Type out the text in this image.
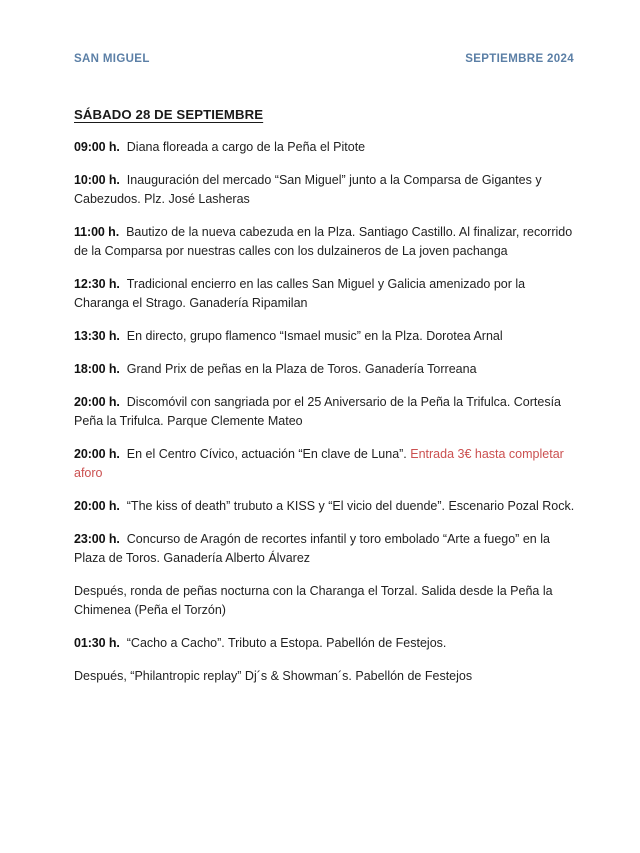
SAN MIGUEL	SEPTIEMBRE 2024
SÁBADO 28 DE SEPTIEMBRE
09:00 h. Diana floreada a cargo de la Peña el Pitote
10:00 h. Inauguración del mercado “San Miguel” junto a la Comparsa de Gigantes y Cabezudos. Plz. José Lasheras
11:00 h. Bautizo de la nueva cabezuda en la Plza. Santiago Castillo. Al finalizar, recorrido de la Comparsa por nuestras calles con los dulzaineros de La joven pachanga
12:30 h. Tradicional encierro en las calles San Miguel y Galicia amenizado por la Charanga el Strago. Ganadería Ripamilan
13:30 h. En directo, grupo flamenco “Ismael music” en la Plza. Dorotea Arnal
18:00 h. Grand Prix de peñas en la Plaza de Toros. Ganadería Torreana
20:00 h. Discomóvil con sangriada por el 25 Aniversario de la Peña la Trifulca. Cortesía Peña la Trifulca. Parque Clemente Mateo
20:00 h. En el Centro Cívico, actuación “En clave de Luna”. Entrada 3€ hasta completar aforo
20:00 h. “The kiss of death” trubuto a KISS y “El vicio del duende”. Escenario Pozal Rock.
23:00 h. Concurso de Aragón de recortes infantil y toro embolado “Arte a fuego” en la Plaza de Toros. Ganadería Alberto Álvarez
Después, ronda de peñas nocturna con la Charanga el Torzal. Salida desde la Peña la Chimenea (Peña el Torzón)
01:30 h. “Cacho a Cacho”. Tributo a Estopa. Pabellón de Festejos.
Después, “Philantropic replay” Dj´s & Showman´s. Pabellón de Festejos
